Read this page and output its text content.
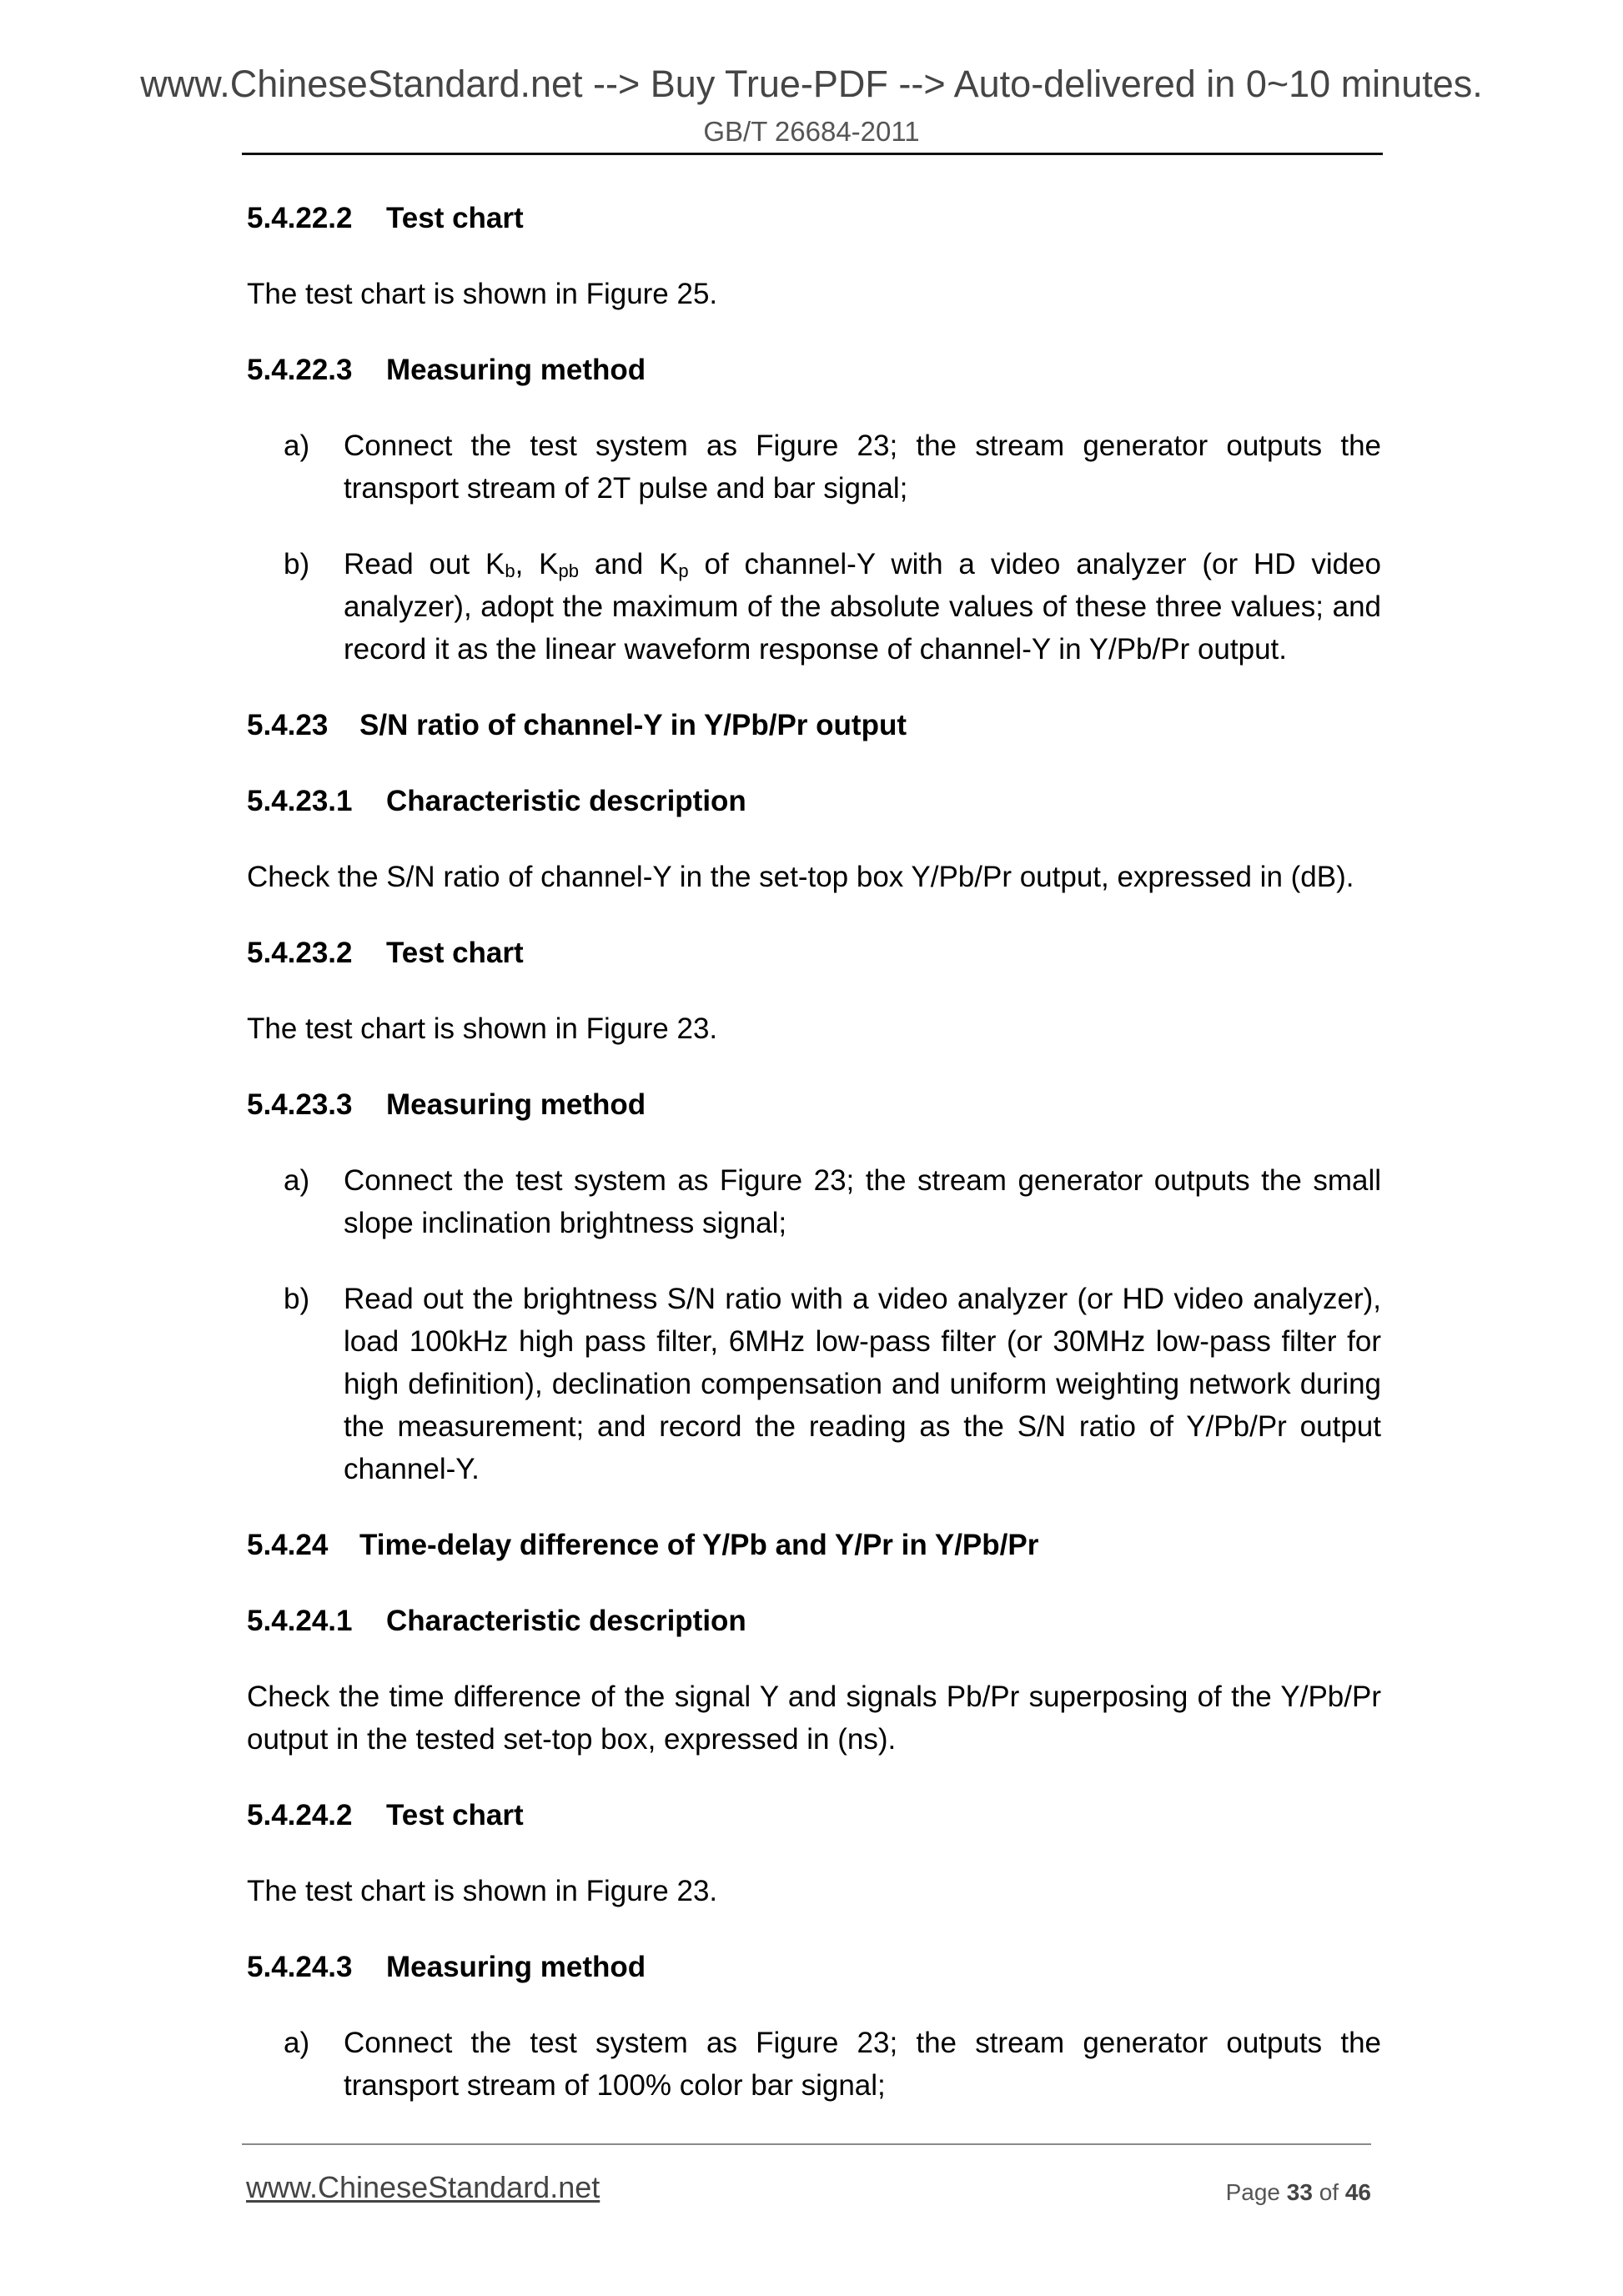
www.ChineseStandard.net --> Buy True-PDF --> Auto-delivered in 0~10 minutes.
GB/T 26684-2011
5.4.22.2 Test chart

The test chart is shown in Figure 25.

5.4.22.3 Measuring method
a) Connect the test system as Figure 23; the stream generator outputs the transport stream of 2T pulse and bar signal;
b) Read out $K_b$, $K_{pb}$ and $K_p$ of channel-Y with a video analyzer (or HD video analyzer), adopt the maximum of the absolute values of these three values; and record it as the linear waveform response of channel-Y in Y/Pb/Pr output.
5.4.23 S/N ratio of channel-Y in Y/Pb/Pr output
5.4.23.1 Characteristic description

Check the S/N ratio of channel-Y in the set-top box Y/Pb/Pr output, expressed in (dB).

5.4.23.2 Test chart

The test chart is shown in Figure 23.

5.4.23.3 Measuring method
a) Connect the test system as Figure 23; the stream generator outputs the small slope inclination brightness signal;
b) Read out the brightness S/N ratio with a video analyzer (or HD video analyzer), load 100kHz high pass filter, 6MHz low-pass filter (or 30MHz low-pass filter for high definition), declination compensation and uniform weighting network during the measurement; and record the reading as the S/N ratio of Y/Pb/Pr output channel-Y.
5.4.24 Time-delay difference of Y/Pb and Y/Pr in Y/Pb/Pr
5.4.24.1 Characteristic description

Check the time difference of the signal Y and signals Pb/Pr superposing of the Y/Pb/Pr output in the tested set-top box, expressed in (ns).

5.4.24.2 Test chart

The test chart is shown in Figure 23.

5.4.24.3 Measuring method
a) Connect the test system as Figure 23; the stream generator outputs the transport stream of 100% color bar signal;
www.ChineseStandard.net	Page 33 of 46
